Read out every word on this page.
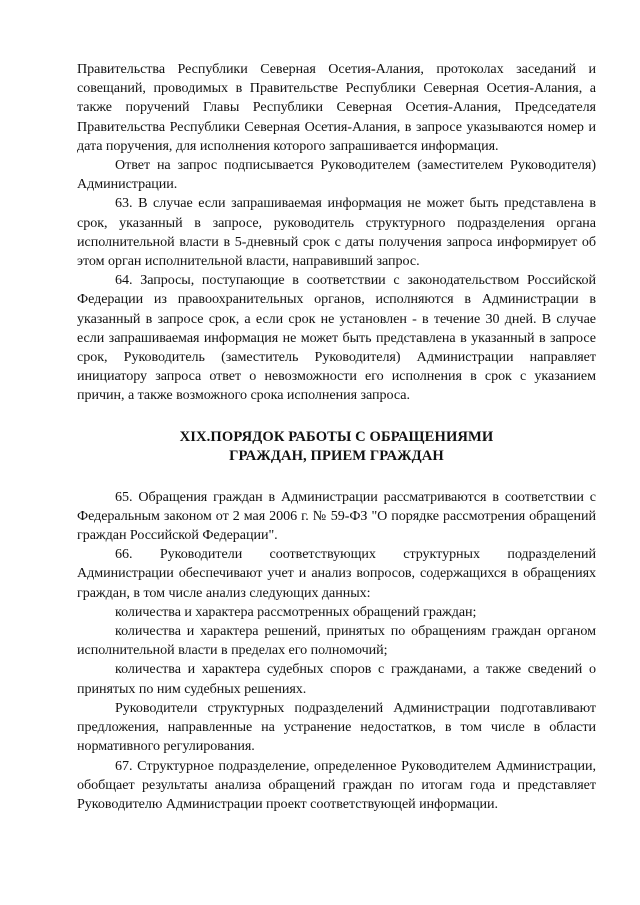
Правительства Республики Северная Осетия-Алания, протоколах заседаний и совещаний, проводимых в Правительстве Республики Северная Осетия-Алания, а также поручений Главы Республики Северная Осетия-Алания, Председателя Правительства Республики Северная Осетия-Алания, в запросе указываются номер и дата поручения, для исполнения которого запрашивается информация.

Ответ на запрос подписывается Руководителем (заместителем Руководителя) Администрации.

63. В случае если запрашиваемая информация не может быть представлена в срок, указанный в запросе, руководитель структурного подразделения органа исполнительной власти в 5-дневный срок с даты получения запроса информирует об этом орган исполнительной власти, направивший запрос.

64. Запросы, поступающие в соответствии с законодательством Российской Федерации из правоохранительных органов, исполняются в Администрации в указанный в запросе срок, а если срок не установлен - в течение 30 дней. В случае если запрашиваемая информация не может быть представлена в указанный в запросе срок, Руководитель (заместитель Руководителя) Администрации направляет инициатору запроса ответ о невозможности его исполнения в срок с указанием причин, а также возможного срока исполнения запроса.

XIX.ПОРЯДОК РАБОТЫ С ОБРАЩЕНИЯМИ
ГРАЖДАН, ПРИЕМ ГРАЖДАН

65. Обращения граждан в Администрации рассматриваются в соответствии с Федеральным законом от 2 мая 2006 г. № 59-ФЗ "О порядке рассмотрения обращений граждан Российской Федерации".

66. Руководители соответствующих структурных подразделений Администрации обеспечивают учет и анализ вопросов, содержащихся в обращениях граждан, в том числе анализ следующих данных:

количества и характера рассмотренных обращений граждан;

количества и характера решений, принятых по обращениям граждан органом исполнительной власти в пределах его полномочий;

количества и характера судебных споров с гражданами, а также сведений о принятых по ним судебных решениях.

Руководители структурных подразделений Администрации подготавливают предложения, направленные на устранение недостатков, в том числе в области нормативного регулирования.

67. Структурное подразделение, определенное Руководителем Администрации, обобщает результаты анализа обращений граждан по итогам года и представляет Руководителю Администрации проект соответствующей информации.
